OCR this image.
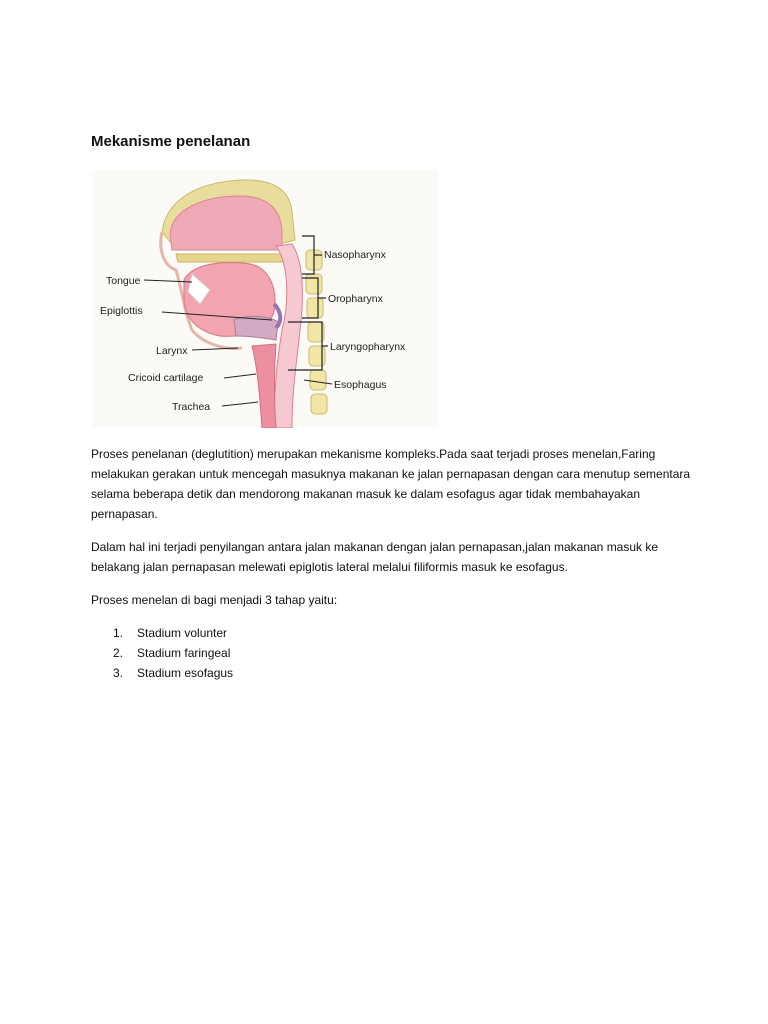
Mekanisme penelanan
Tongue
Epiglottis
Larynx
Cricoid cartilage
Trachea
Nasopharynx
Oropharynx
Laryngopharynx
Esophagus

Proses penelanan (deglutition) merupakan mekanisme kompleks.Pada saat terjadi proses menelan,Faring melakukan gerakan untuk mencegah masuknya makanan ke jalan pernapasan dengan cara menutup sementara selama beberapa detik dan mendorong makanan masuk ke dalam esofagus agar tidak membahayakan pernapasan.

Dalam hal ini terjadi penyilangan antara jalan makanan dengan jalan pernapasan,jalan makanan masuk ke belakang jalan pernapasan melewati epiglotis lateral melalui filiformis masuk ke esofagus.

Proses menelan di bagi menjadi 3 tahap yaitu:

1.	Stadium volunter
2.	Stadium faringeal
3.	Stadium esofagus
